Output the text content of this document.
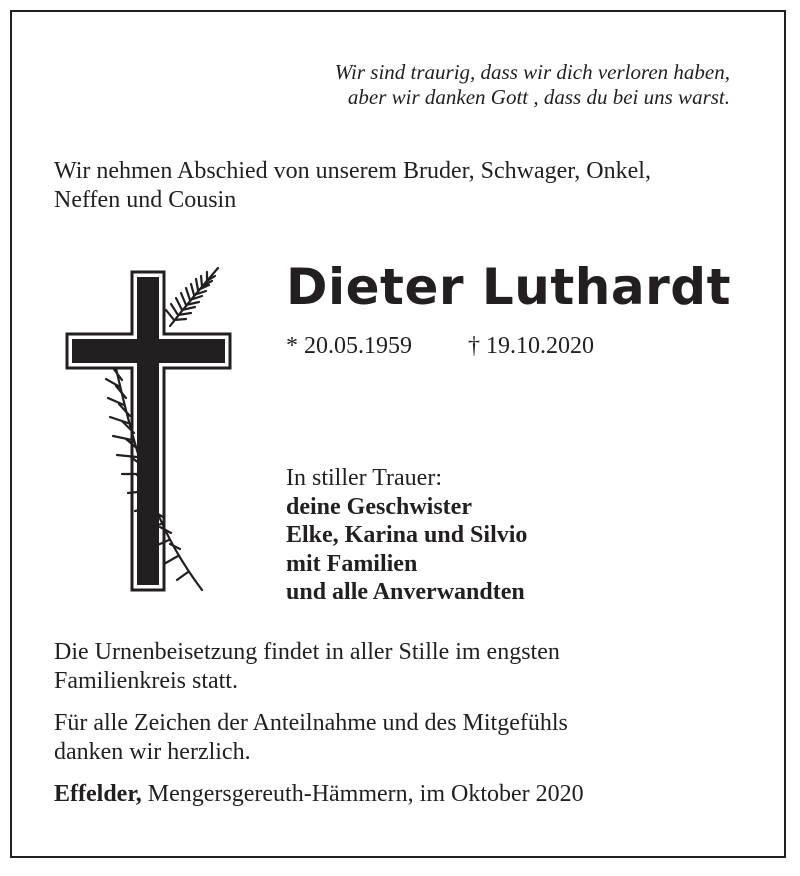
Wir sind traurig, dass wir dich verloren haben,
aber wir danken Gott , dass du bei uns warst.
Wir nehmen Abschied von unserem Bruder, Schwager, Onkel,
Neffen und Cousin
Dieter Luthardt
* 20.05.1959 † 19.10.2020
In stiller Trauer:
deine Geschwister
Elke, Karina und Silvio
mit Familien
und alle Anverwandten
Die Urnenbeisetzung findet in aller Stille im engsten
Familienkreis statt.
Für alle Zeichen der Anteilnahme und des Mitgefühls
danken wir herzlich.
Effelder, Mengersgereuth-Hämmern, im Oktober 2020
